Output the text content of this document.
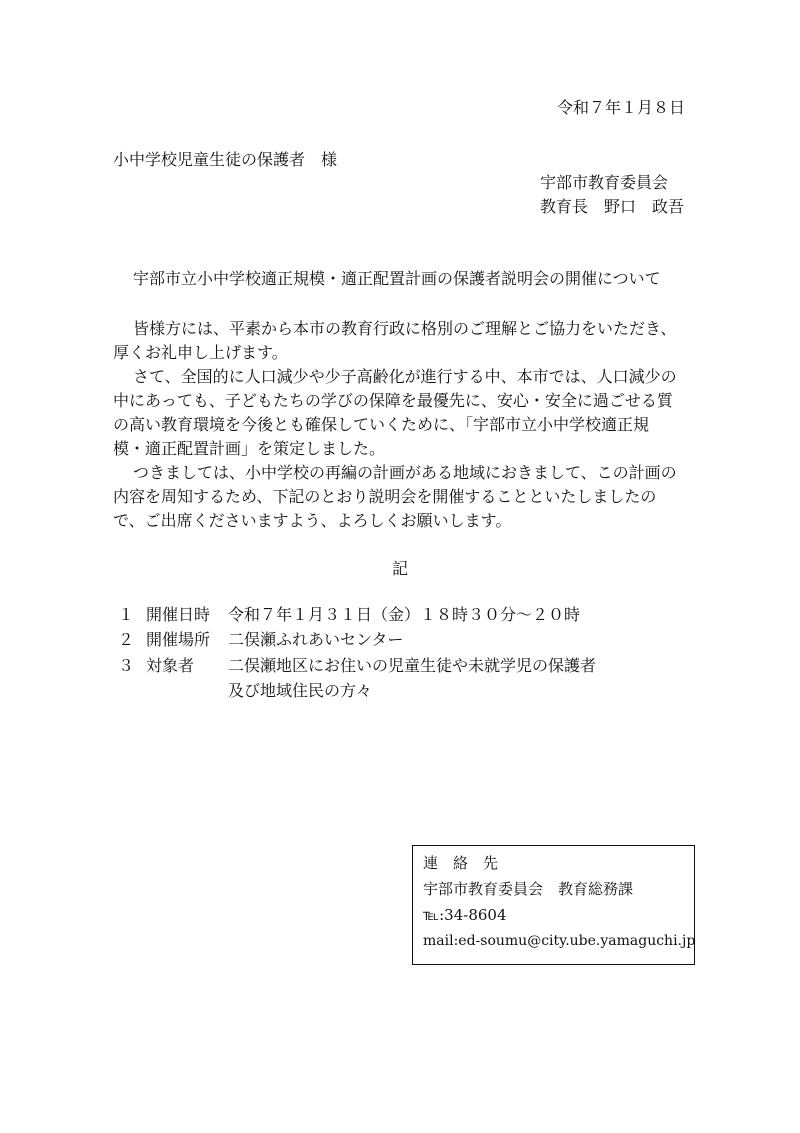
令和７年１月８日
小中学校児童生徒の保護者　様
宇部市教育委員会
教育長　野口　政吾
宇部市立小中学校適正規模・適正配置計画の保護者説明会の開催について
皆様方には、平素から本市の教育行政に格別のご理解とご協力をいただき、
厚くお礼申し上げます。
さて、全国的に人口減少や少子高齢化が進行する中、本市では、人口減少の
中にあっても、子どもたちの学びの保障を最優先に、安心・安全に過ごせる質
の高い教育環境を今後とも確保していくために、「宇部市立小中学校適正規
模・適正配置計画」を策定しました。
つきましては、小中学校の再編の計画がある地域におきまして、この計画の
内容を周知するため、下記のとおり説明会を開催することといたしましたの
で、ご出席くださいますよう、よろしくお願いします。
記
１ 開催日時 令和７年１月３１日（金）１８時３０分～２０時
２ 開催場所 二俣瀬ふれあいセンター
３ 対象者 二俣瀬地区にお住いの児童生徒や未就学児の保護者
及び地域住民の方々
連　絡　先
宇部市教育委員会　教育総務課
℡:34-8604
mail:ed-soumu@city.ube.yamaguchi.jp
